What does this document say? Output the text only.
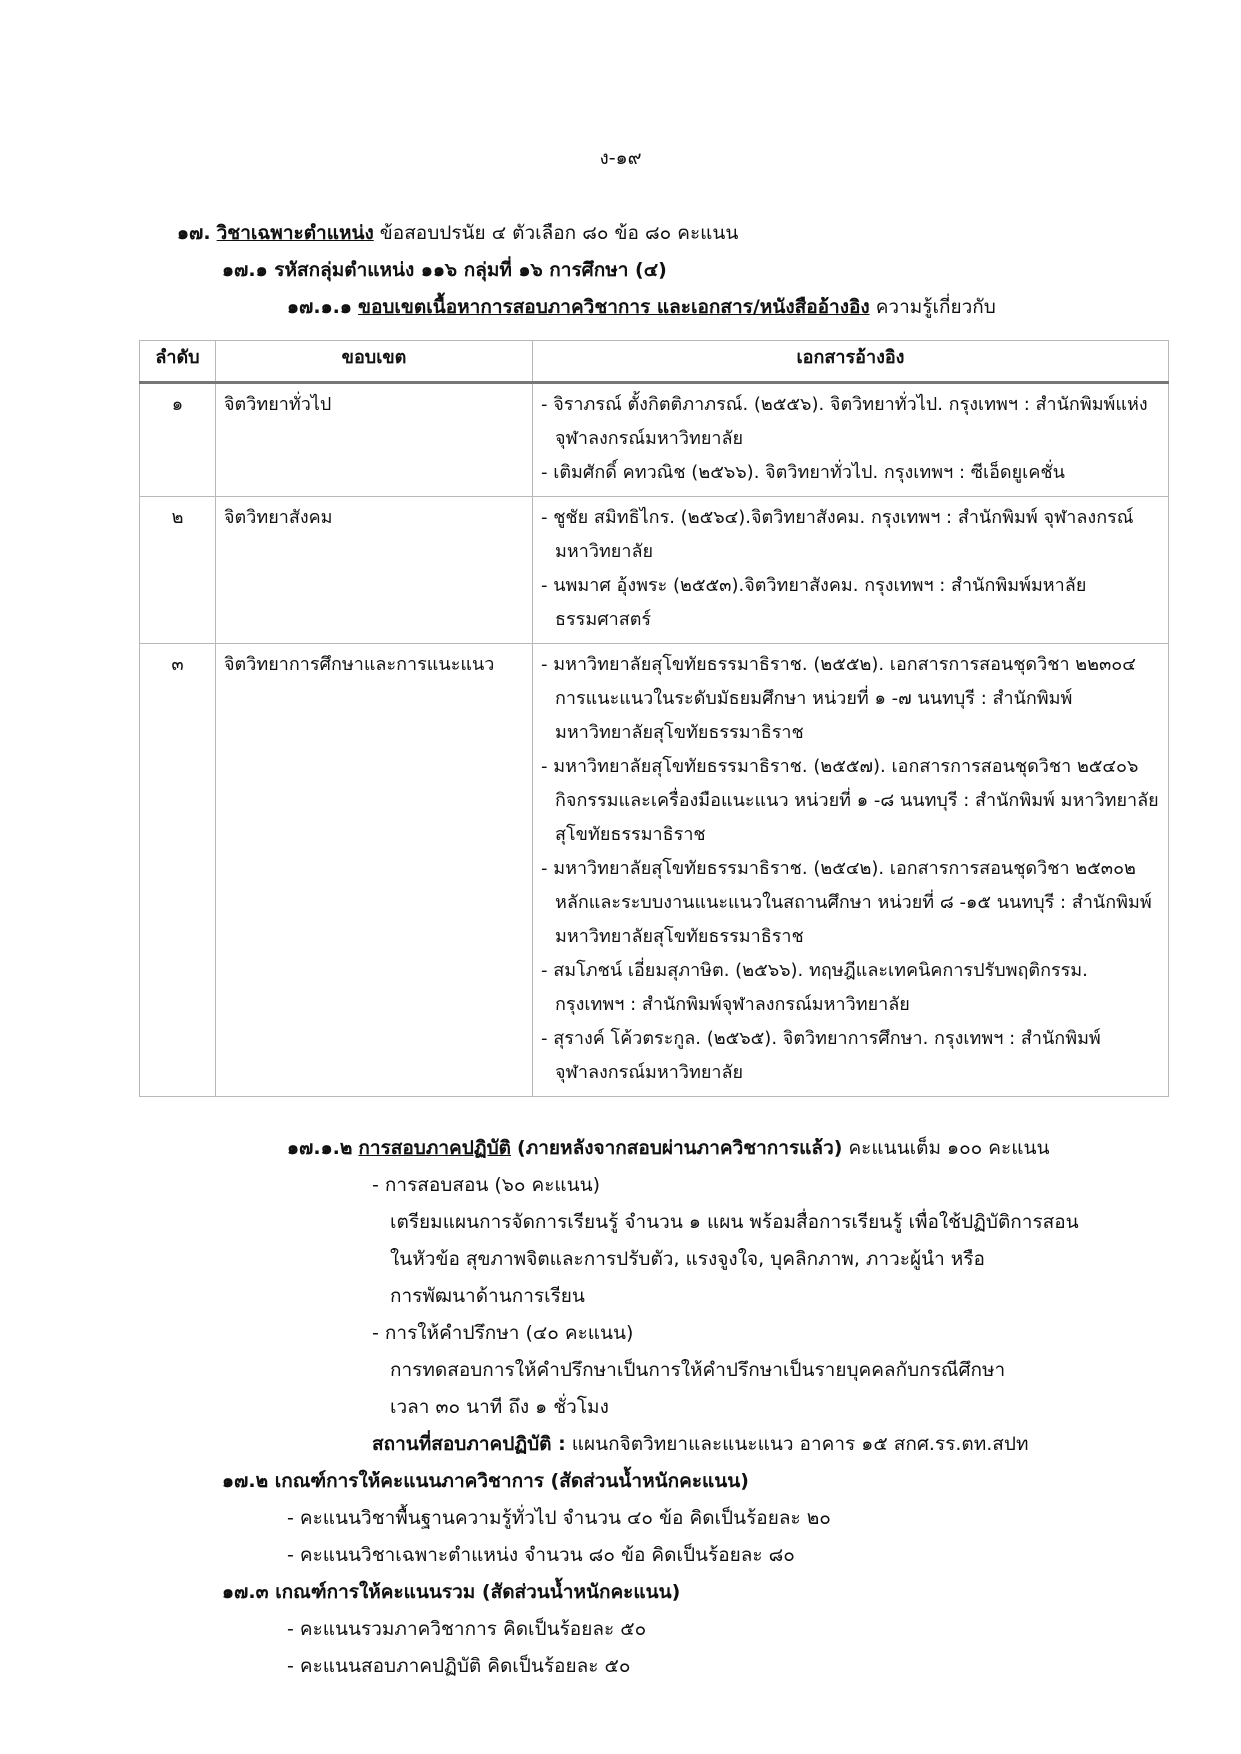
ง-๑๙
๑๗. วิชาเฉพาะตำแหน่ง ข้อสอบปรนัย ๔ ตัวเลือก ๘๐ ข้อ ๘๐ คะแนน
๑๗.๑ รหัสกลุ่มตำแหน่ง ๑๑๖ กลุ่มที่ ๑๖ การศึกษา (๔)
๑๗.๑.๑ ขอบเขตเนื้อหาการสอบภาควิชาการ และเอกสาร/หนังสืออ้างอิง ความรู้เกี่ยวกับ
ลำดับ	ขอบเขต	เอกสารอ้างอิง
๑	จิตวิทยาทั่วไป	- จิราภรณ์ ตั้งกิตติภาภรณ์. (๒๕๕๖). จิตวิทยาทั่วไป. กรุงเทพฯ : สำนักพิมพ์แห่ง จุฬาลงกรณ์มหาวิทยาลัย
- เติมศักดิ์ คทวณิช (๒๕๖๖). จิตวิทยาทั่วไป. กรุงเทพฯ : ซีเอ็ดยูเคชั่น

๒	จิตวิทยาสังคม	- ชูชัย สมิทธิไกร. (๒๕๖๔).จิตวิทยาสังคม. กรุงเทพฯ : สำนักพิมพ์ จุฬาลงกรณ์มหาวิทยาลัย
- นพมาศ อุ้งพระ (๒๕๕๓).จิตวิทยาสังคม. กรุงเทพฯ : สำนักพิมพ์มหาลัย ธรรมศาสตร์

๓	จิตวิทยาการศึกษาและการแนะแนว	- มหาวิทยาลัยสุโขทัยธรรมาธิราช. (๒๕๕๒). เอกสารการสอนชุดวิชา ๒๒๓๐๔ การแนะแนวในระดับมัธยมศึกษา หน่วยที่ ๑ -๗ นนทบุรี : สำนักพิมพ์ มหาวิทยาลัยสุโขทัยธรรมาธิราช
- มหาวิทยาลัยสุโขทัยธรรมาธิราช. (๒๕๕๗). เอกสารการสอนชุดวิชา ๒๕๔๐๖ กิจกรรมและเครื่องมือแนะแนว หน่วยที่ ๑ -๘ นนทบุรี : สำนักพิมพ์ มหาวิทยาลัยสุโขทัยธรรมาธิราช
- มหาวิทยาลัยสุโขทัยธรรมาธิราช. (๒๕๔๒). เอกสารการสอนชุดวิชา ๒๕๓๐๒ หลักและระบบงานแนะแนวในสถานศึกษา หน่วยที่ ๘ -๑๕ นนทบุรี : สำนักพิมพ์ มหาวิทยาลัยสุโขทัยธรรมาธิราช
- สมโภชน์ เอี่ยมสุภาษิต. (๒๕๖๖). ทฤษฎีและเทคนิคการปรับพฤติกรรม. กรุงเทพฯ : สำนักพิมพ์จุฬาลงกรณ์มหาวิทยาลัย
- สุรางค์ โค้วตระกูล. (๒๕๖๕). จิตวิทยาการศึกษา. กรุงเทพฯ : สำนักพิมพ์ จุฬาลงกรณ์มหาวิทยาลัย
๑๗.๑.๒ การสอบภาคปฏิบัติ (ภายหลังจากสอบผ่านภาควิชาการแล้ว) คะแนนเต็ม ๑๐๐ คะแนน
- การสอบสอน (๖๐ คะแนน)
เตรียมแผนการจัดการเรียนรู้ จำนวน ๑ แผน พร้อมสื่อการเรียนรู้ เพื่อใช้ปฏิบัติการสอน
ในหัวข้อ สุขภาพจิตและการปรับตัว, แรงจูงใจ, บุคลิกภาพ, ภาวะผู้นำ หรือ
การพัฒนาด้านการเรียน
- การให้คำปรึกษา (๔๐ คะแนน)
การทดสอบการให้คำปรึกษาเป็นการให้คำปรึกษาเป็นรายบุคคลกับกรณีศึกษา
เวลา ๓๐ นาที ถึง ๑ ชั่วโมง
สถานที่สอบภาคปฏิบัติ : แผนกจิตวิทยาและแนะแนว อาคาร ๑๕ สกศ.รร.ตท.สปท
๑๗.๒ เกณฑ์การให้คะแนนภาควิชาการ (สัดส่วนน้ำหนักคะแนน)
- คะแนนวิชาพื้นฐานความรู้ทั่วไป จำนวน ๔๐ ข้อ คิดเป็นร้อยละ ๒๐
- คะแนนวิชาเฉพาะตำแหน่ง จำนวน ๘๐ ข้อ คิดเป็นร้อยละ ๘๐
๑๗.๓ เกณฑ์การให้คะแนนรวม (สัดส่วนน้ำหนักคะแนน)
- คะแนนรวมภาควิชาการ คิดเป็นร้อยละ ๕๐
- คะแนนสอบภาคปฏิบัติ คิดเป็นร้อยละ ๕๐
